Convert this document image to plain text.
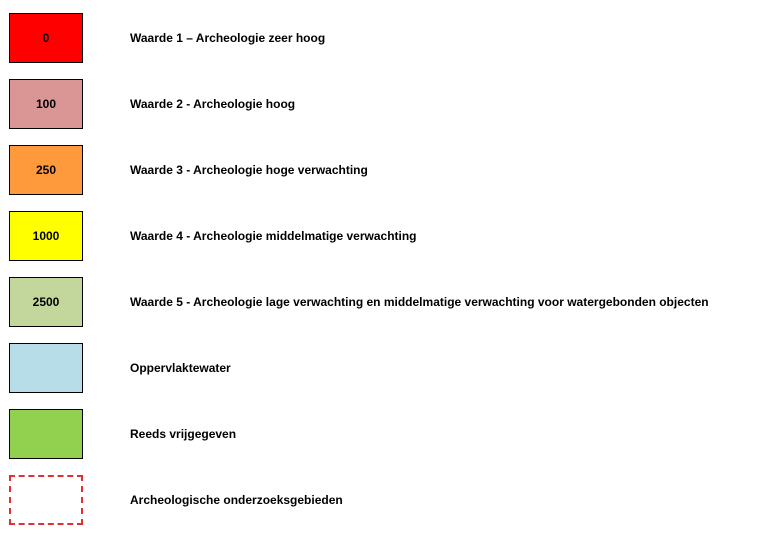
0	Waarde 1 – Archeologie zeer hoog
100	Waarde 2 - Archeologie hoog
250	Waarde 3 - Archeologie hoge verwachting
1000	Waarde 4 - Archeologie middelmatige verwachting
2500	Waarde 5 - Archeologie lage verwachting en middelmatige verwachting voor watergebonden objecten
Oppervlaktewater
Reeds vrijgegeven
Archeologische onderzoeksgebieden
